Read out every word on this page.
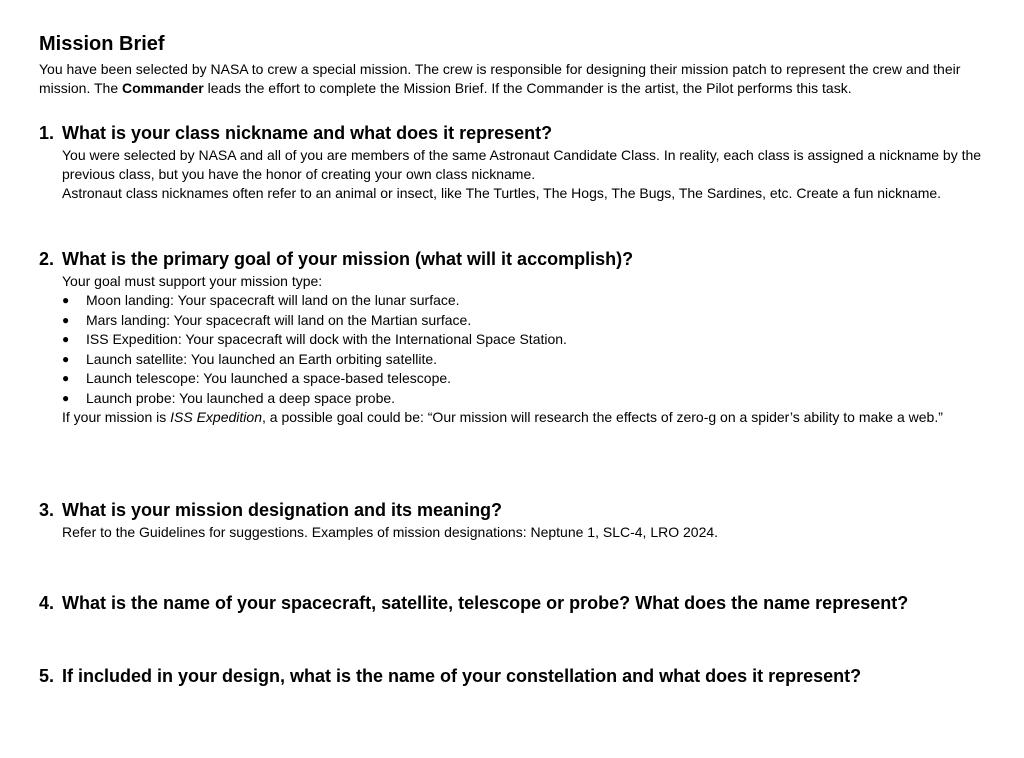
Mission Brief

You have been selected by NASA to crew a special mission. The crew is responsible for designing their mission patch to represent the crew and their mission. The Commander leads the effort to complete the Mission Brief. If the Commander is the artist, the Pilot performs this task.

1. What is your class nickname and what does it represent?

You were selected by NASA and all of you are members of the same Astronaut Candidate Class. In reality, each class is assigned a nickname by the previous class, but you have the honor of creating your own class nickname.

Astronaut class nicknames often refer to an animal or insect, like The Turtles, The Hogs, The Bugs, The Sardines, etc. Create a fun nickname.

2. What is the primary goal of your mission (what will it accomplish)?

Your goal must support your mission type:

●	Moon landing: Your spacecraft will land on the lunar surface.
●	Mars landing: Your spacecraft will land on the Martian surface.
●	ISS Expedition: Your spacecraft will dock with the International Space Station.
●	Launch satellite: You launched an Earth orbiting satellite.
●	Launch telescope: You launched a space-based telescope.
●	Launch probe: You launched a deep space probe.

If your mission is ISS Expedition, a possible goal could be: “Our mission will research the effects of zero-g on a spider’s ability to make a web.”

3. What is your mission designation and its meaning?

Refer to the Guidelines for suggestions. Examples of mission designations: Neptune 1, SLC-4, LRO 2024.

4. What is the name of your spacecraft, satellite, telescope or probe? What does the name represent?
5. If included in your design, what is the name of your constellation and what does it represent?
